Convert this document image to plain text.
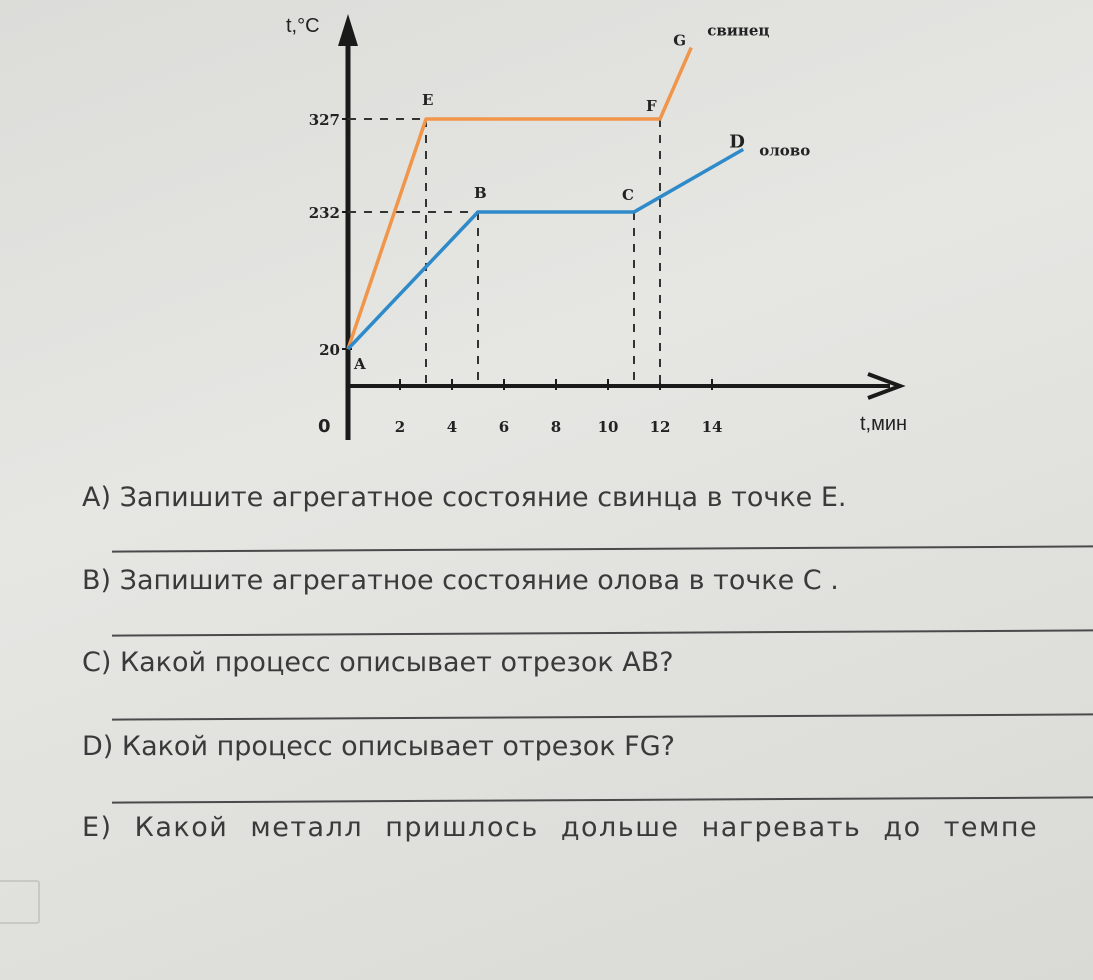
t,°C
t,мин
0	2	4	6	8 10 12 14
20
232
327
E	F
G
свинец
A
B	C
D олово
A) Запишите агрегатное состояние свинца в точке E.
B) Запишите агрегатное состояние олова в точке C .
C) Какой процесс описывает отрезок AB?
D) Какой процесс описывает отрезок FG?
E) Какой металл пришлось дольше нагревать до темпе
